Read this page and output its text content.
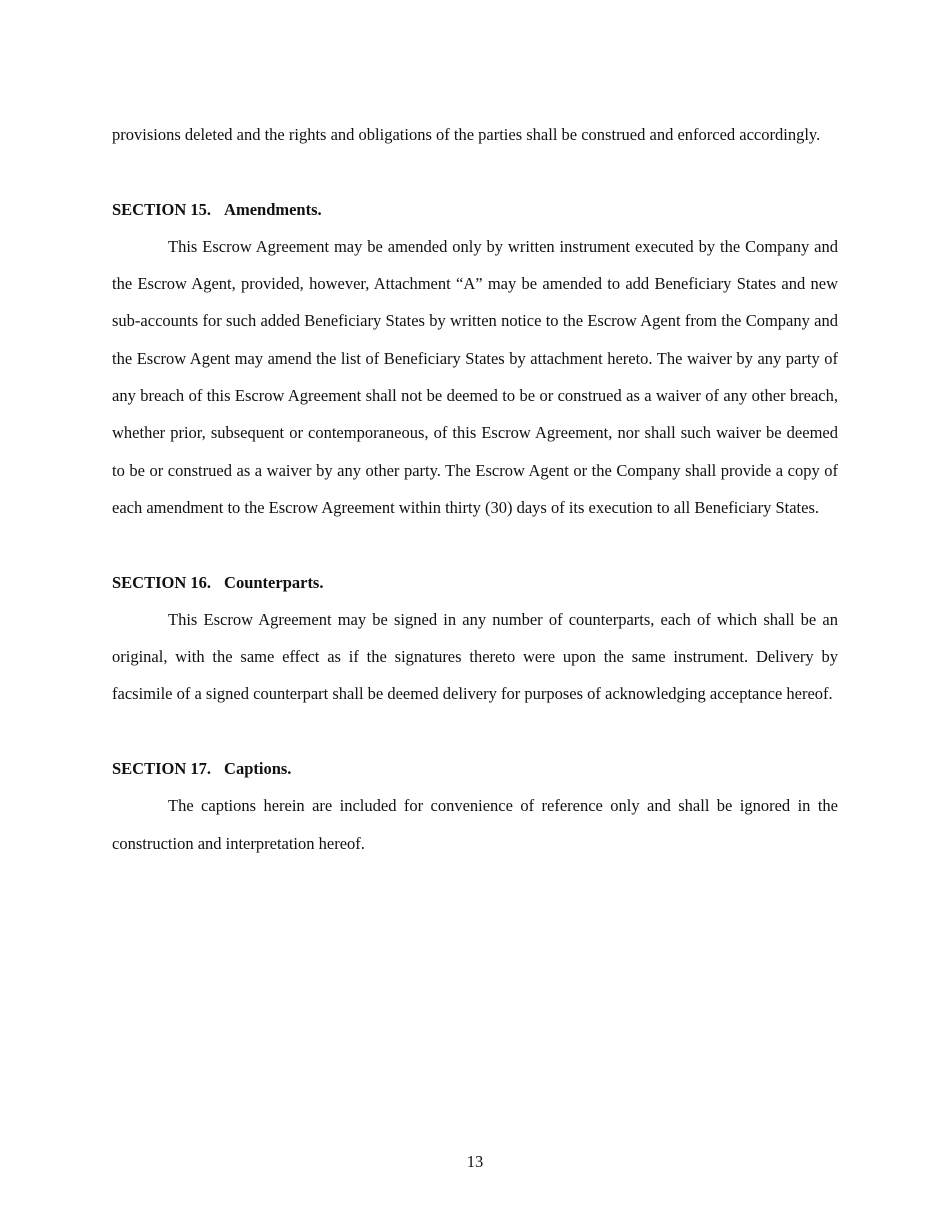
provisions deleted and the rights and obligations of the parties shall be construed and enforced accordingly.

SECTION 15. Amendments.

This Escrow Agreement may be amended only by written instrument executed by the Company and the Escrow Agent, provided, however, Attachment “A” may be amended to add Beneficiary States and new sub-accounts for such added Beneficiary States by written notice to the Escrow Agent from the Company and the Escrow Agent may amend the list of Beneficiary States by attachment hereto. The waiver by any party of any breach of this Escrow Agreement shall not be deemed to be or construed as a waiver of any other breach, whether prior, subsequent or contemporaneous, of this Escrow Agreement, nor shall such waiver be deemed to be or construed as a waiver by any other party. The Escrow Agent or the Company shall provide a copy of each amendment to the Escrow Agreement within thirty (30) days of its execution to all Beneficiary States.

SECTION 16. Counterparts.

This Escrow Agreement may be signed in any number of counterparts, each of which shall be an original, with the same effect as if the signatures thereto were upon the same instrument. Delivery by facsimile of a signed counterpart shall be deemed delivery for purposes of acknowledging acceptance hereof.

SECTION 17. Captions.

The captions herein are included for convenience of reference only and shall be ignored in the construction and interpretation hereof.

13
